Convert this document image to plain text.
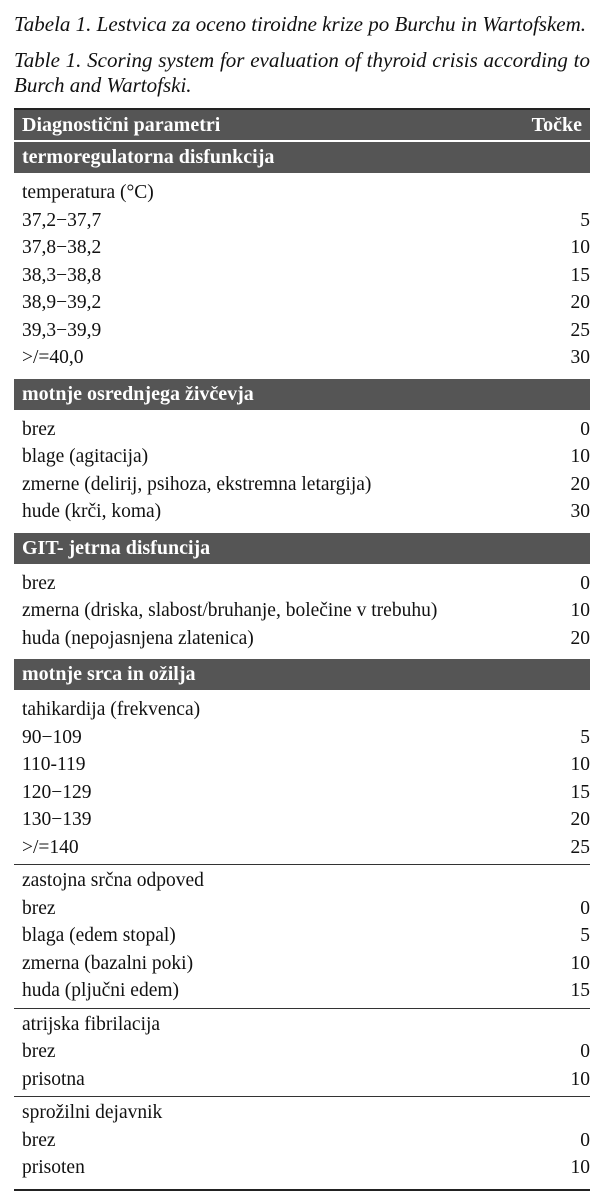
Tabela 1. Lestvica za oceno tiroidne krize po Burchu in Wartofskem.

Table 1. Scoring system for evaluation of thyroid crisis according to Burch and Wartofski.

Diagnostični parametri	Točke
termoregulatorna disfunkcija
temperatura (°C)
37,2−37,7	5
37,8−38,2	10
38,3−38,8	15
38,9−39,2	20
39,3−39,9	25
>/=40,0	30
motnje osrednjega živčevja
brez	0
blage (agitacija)	10
zmerne (delirij, psihoza, ekstremna letargija)	20
hude (krči, koma)	30
GIT- jetrna disfuncija
brez	0
zmerna (driska, slabost/bruhanje, bolečine v trebuhu)	10
huda (nepojasnjena zlatenica)	20
motnje srca in ožilja
tahikardija (frekvenca)
90−109	5
110-119	10
120−129	15
130−139	20
>/=140	25
zastojna srčna odpoved
brez	0
blaga (edem stopal)	5
zmerna (bazalni poki)	10
huda (pljučni edem)	15
atrijska fibrilacija
brez	0
prisotna	10
sprožilni dejavnik
brez	0
prisoten	10
